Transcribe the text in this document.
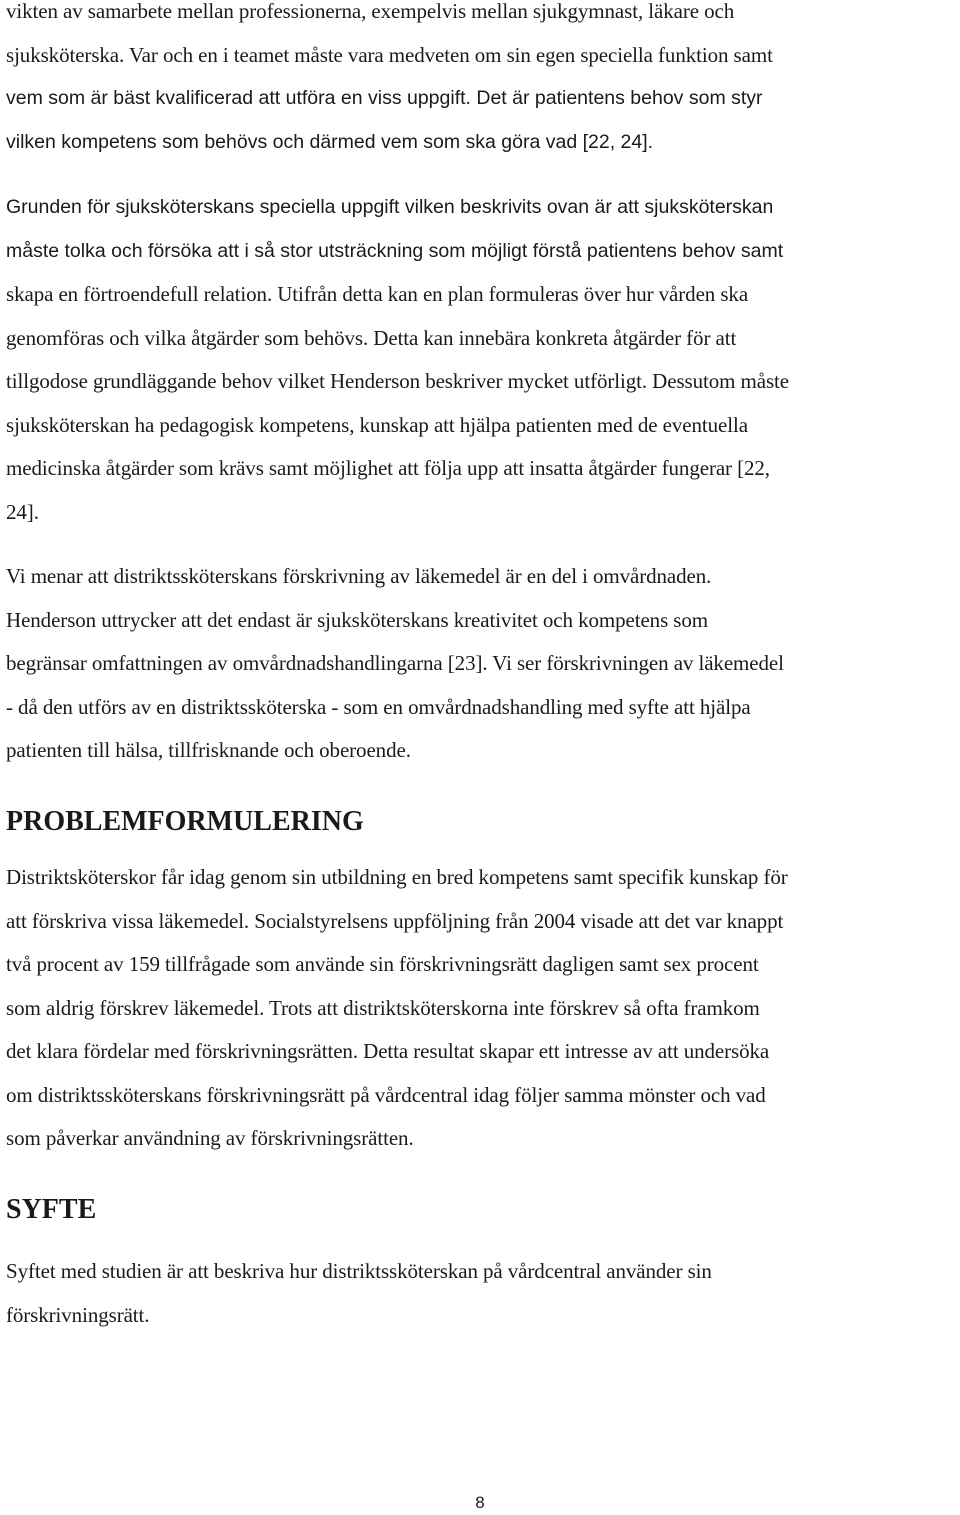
vikten av samarbete mellan professionerna, exempelvis mellan sjukgymnast, läkare och
sjuksköterska. Var och en i teamet måste vara medveten om sin egen speciella funktion samt
vem som är bäst kvalificerad att utföra en viss uppgift. Det är patientens behov som styr
vilken kompetens som behövs och därmed vem som ska göra vad [22, 24].

Grunden för sjuksköterskans speciella uppgift vilken beskrivits ovan är att sjuksköterskan
måste tolka och försöka att i så stor utsträckning som möjligt förstå patientens behov samt
skapa en förtroendefull relation. Utifrån detta kan en plan formuleras över hur vården ska
genomföras och vilka åtgärder som behövs. Detta kan innebära konkreta åtgärder för att
tillgodose grundläggande behov vilket Henderson beskriver mycket utförligt. Dessutom måste
sjuksköterskan ha pedagogisk kompetens, kunskap att hjälpa patienten med de eventuella
medicinska åtgärder som krävs samt möjlighet att följa upp att insatta åtgärder fungerar [22,
24].

Vi menar att distriktssköterskans förskrivning av läkemedel är en del i omvårdnaden.
Henderson uttrycker att det endast är sjuksköterskans kreativitet och kompetens som
begränsar omfattningen av omvårdnadshandlingarna [23]. Vi ser förskrivningen av läkemedel
- då den utförs av en distriktssköterska - som en omvårdnadshandling med syfte att hjälpa
patienten till hälsa, tillfrisknande och oberoende.

PROBLEMFORMULERING

Distriktsköterskor får idag genom sin utbildning en bred kompetens samt specifik kunskap för
att förskriva vissa läkemedel. Socialstyrelsens uppföljning från 2004 visade att det var knappt
två procent av 159 tillfrågade som använde sin förskrivningsrätt dagligen samt sex procent
som aldrig förskrev läkemedel. Trots att distriktsköterskorna inte förskrev så ofta framkom
det klara fördelar med förskrivningsrätten. Detta resultat skapar ett intresse av att undersöka
om distriktssköterskans förskrivningsrätt på vårdcentral idag följer samma mönster och vad
som påverkar användning av förskrivningsrätten.

SYFTE

Syftet med studien är att beskriva hur distriktssköterskan på vårdcentral använder sin
förskrivningsrätt.

8
